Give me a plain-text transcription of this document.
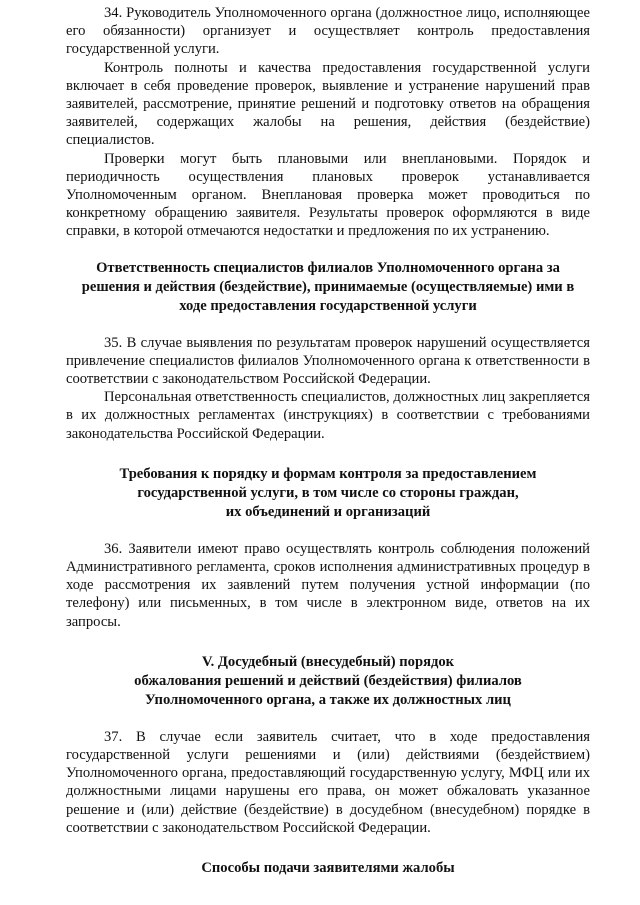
34. Руководитель Уполномоченного органа (должностное лицо, исполняющее его обязанности) организует и осуществляет контроль предоставления государственной услуги.

Контроль полноты и качества предоставления государственной услуги включает в себя проведение проверок, выявление и устранение нарушений прав заявителей, рассмотрение, принятие решений и подготовку ответов на обращения заявителей, содержащих жалобы на решения, действия (бездействие) специалистов.

Проверки могут быть плановыми или внеплановыми. Порядок и периодичность осуществления плановых проверок устанавливается Уполномоченным органом. Внеплановая проверка может проводиться по конкретному обращению заявителя. Результаты проверок оформляются в виде справки, в которой отмечаются недостатки и предложения по их устранению.

Ответственность специалистов филиалов Уполномоченного органа за
решения и действия (бездействие), принимаемые (осуществляемые) ими в
ходе предоставления государственной услуги

35. В случае выявления по результатам проверок нарушений осуществляется привлечение специалистов филиалов Уполномоченного органа к ответственности в соответствии с законодательством Российской Федерации.

Персональная ответственность специалистов, должностных лиц закрепляется в их должностных регламентах (инструкциях) в соответствии с требованиями законодательства Российской Федерации.

Требования к порядку и формам контроля за предоставлением
государственной услуги, в том числе со стороны граждан,
их объединений и организаций

36. Заявители имеют право осуществлять контроль соблюдения положений Административного регламента, сроков исполнения административных процедур в ходе рассмотрения их заявлений путем получения устной информации (по телефону) или письменных, в том числе в электронном виде, ответов на их запросы.

V. Досудебный (внесудебный) порядок
обжалования решений и действий (бездействия) филиалов
Уполномоченного органа, а также их должностных лиц

37. В случае если заявитель считает, что в ходе предоставления государственной услуги решениями и (или) действиями (бездействием) Уполномоченного органа, предоставляющий государственную услугу, МФЦ или их должностными лицами нарушены его права, он может обжаловать указанное решение и (или) действие (бездействие) в досудебном (внесудебном) порядке в соответствии с законодательством Российской Федерации.

Способы подачи заявителями жалобы
